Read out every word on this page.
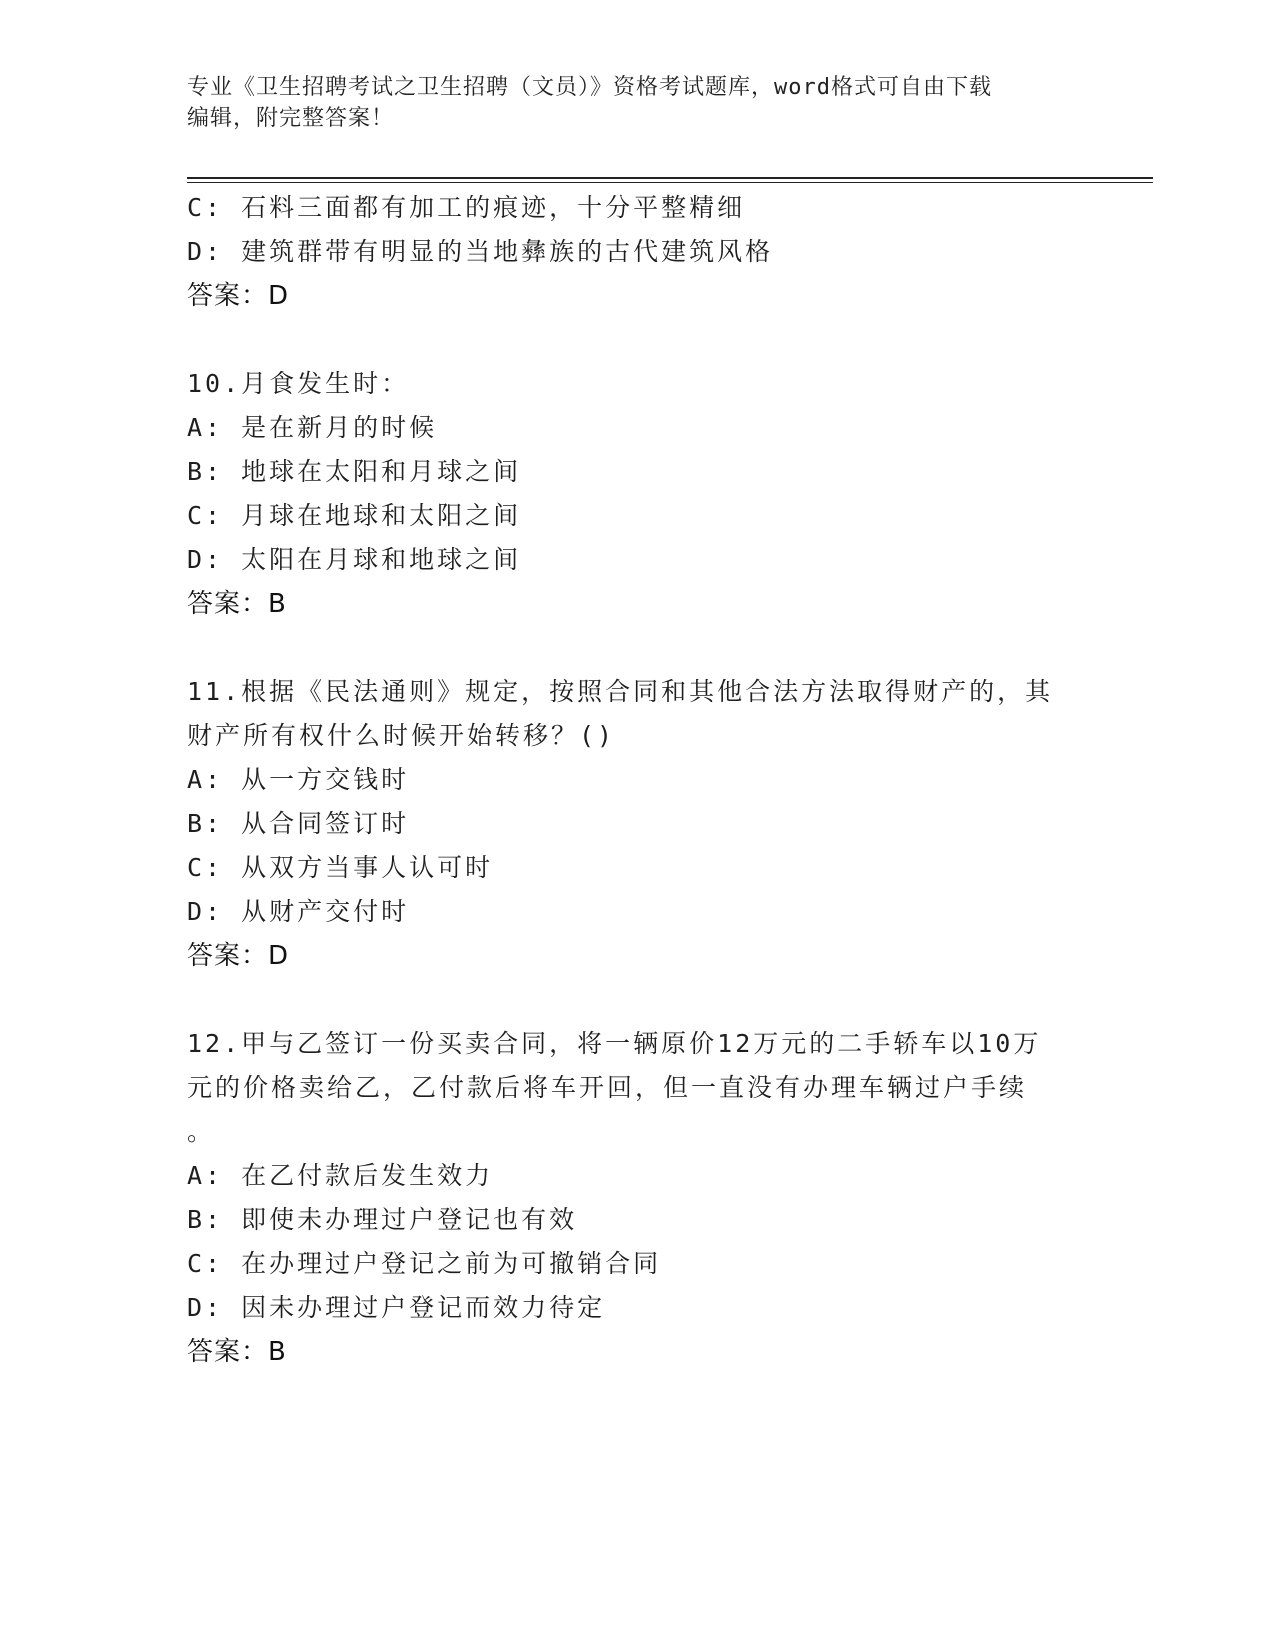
专业《卫生招聘考试之卫生招聘（文员）》资格考试题库，word格式可自由下载
编辑，附完整答案！
C: 石料三面都有加工的痕迹，十分平整精细
D: 建筑群带有明显的当地彝族的古代建筑风格
答案：D
10.月食发生时：
A: 是在新月的时候
B: 地球在太阳和月球之间
C: 月球在地球和太阳之间
D: 太阳在月球和地球之间
答案：B
11.根据《民法通则》规定，按照合同和其他合法方法取得财产的，其
财产所有权什么时候开始转移？()
A: 从一方交钱时
B: 从合同签订时
C: 从双方当事人认可时
D: 从财产交付时
答案：D
12.甲与乙签订一份买卖合同，将一辆原价12万元的二手轿车以10万
元的价格卖给乙，乙付款后将车开回，但一直没有办理车辆过户手续
。
A: 在乙付款后发生效力
B: 即使未办理过户登记也有效
C: 在办理过户登记之前为可撤销合同
D: 因未办理过户登记而效力待定
答案：B
